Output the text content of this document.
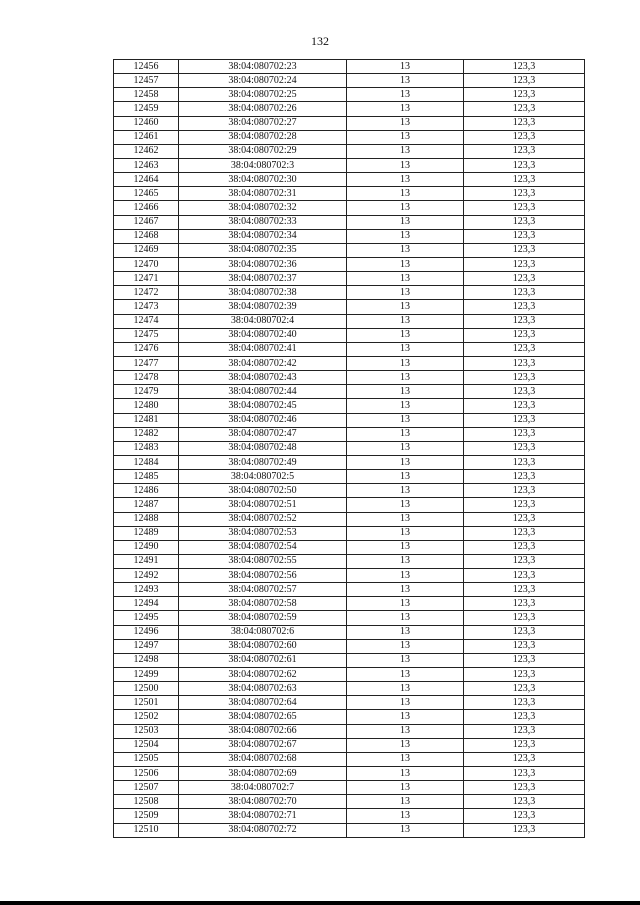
132
12456	38:04:080702:23	13	123,3
12457	38:04:080702:24	13	123,3
12458	38:04:080702:25	13	123,3
12459	38:04:080702:26	13	123,3
12460	38:04:080702:27	13	123,3
12461	38:04:080702:28	13	123,3
12462	38:04:080702:29	13	123,3
12463	38:04:080702:3	13	123,3
12464	38:04:080702:30	13	123,3
12465	38:04:080702:31	13	123,3
12466	38:04:080702:32	13	123,3
12467	38:04:080702:33	13	123,3
12468	38:04:080702:34	13	123,3
12469	38:04:080702:35	13	123,3
12470	38:04:080702:36	13	123,3
12471	38:04:080702:37	13	123,3
12472	38:04:080702:38	13	123,3
12473	38:04:080702:39	13	123,3
12474	38:04:080702:4	13	123,3
12475	38:04:080702:40	13	123,3
12476	38:04:080702:41	13	123,3
12477	38:04:080702:42	13	123,3
12478	38:04:080702:43	13	123,3
12479	38:04:080702:44	13	123,3
12480	38:04:080702:45	13	123,3
12481	38:04:080702:46	13	123,3
12482	38:04:080702:47	13	123,3
12483	38:04:080702:48	13	123,3
12484	38:04:080702:49	13	123,3
12485	38:04:080702:5	13	123,3
12486	38:04:080702:50	13	123,3
12487	38:04:080702:51	13	123,3
12488	38:04:080702:52	13	123,3
12489	38:04:080702:53	13	123,3
12490	38:04:080702:54	13	123,3
12491	38:04:080702:55	13	123,3
12492	38:04:080702:56	13	123,3
12493	38:04:080702:57	13	123,3
12494	38:04:080702:58	13	123,3
12495	38:04:080702:59	13	123,3
12496	38:04:080702:6	13	123,3
12497	38:04:080702:60	13	123,3
12498	38:04:080702:61	13	123,3
12499	38:04:080702:62	13	123,3
12500	38:04:080702:63	13	123,3
12501	38:04:080702:64	13	123,3
12502	38:04:080702:65	13	123,3
12503	38:04:080702:66	13	123,3
12504	38:04:080702:67	13	123,3
12505	38:04:080702:68	13	123,3
12506	38:04:080702:69	13	123,3
12507	38:04:080702:7	13	123,3
12508	38:04:080702:70	13	123,3
12509	38:04:080702:71	13	123,3
12510	38:04:080702:72	13	123,3
